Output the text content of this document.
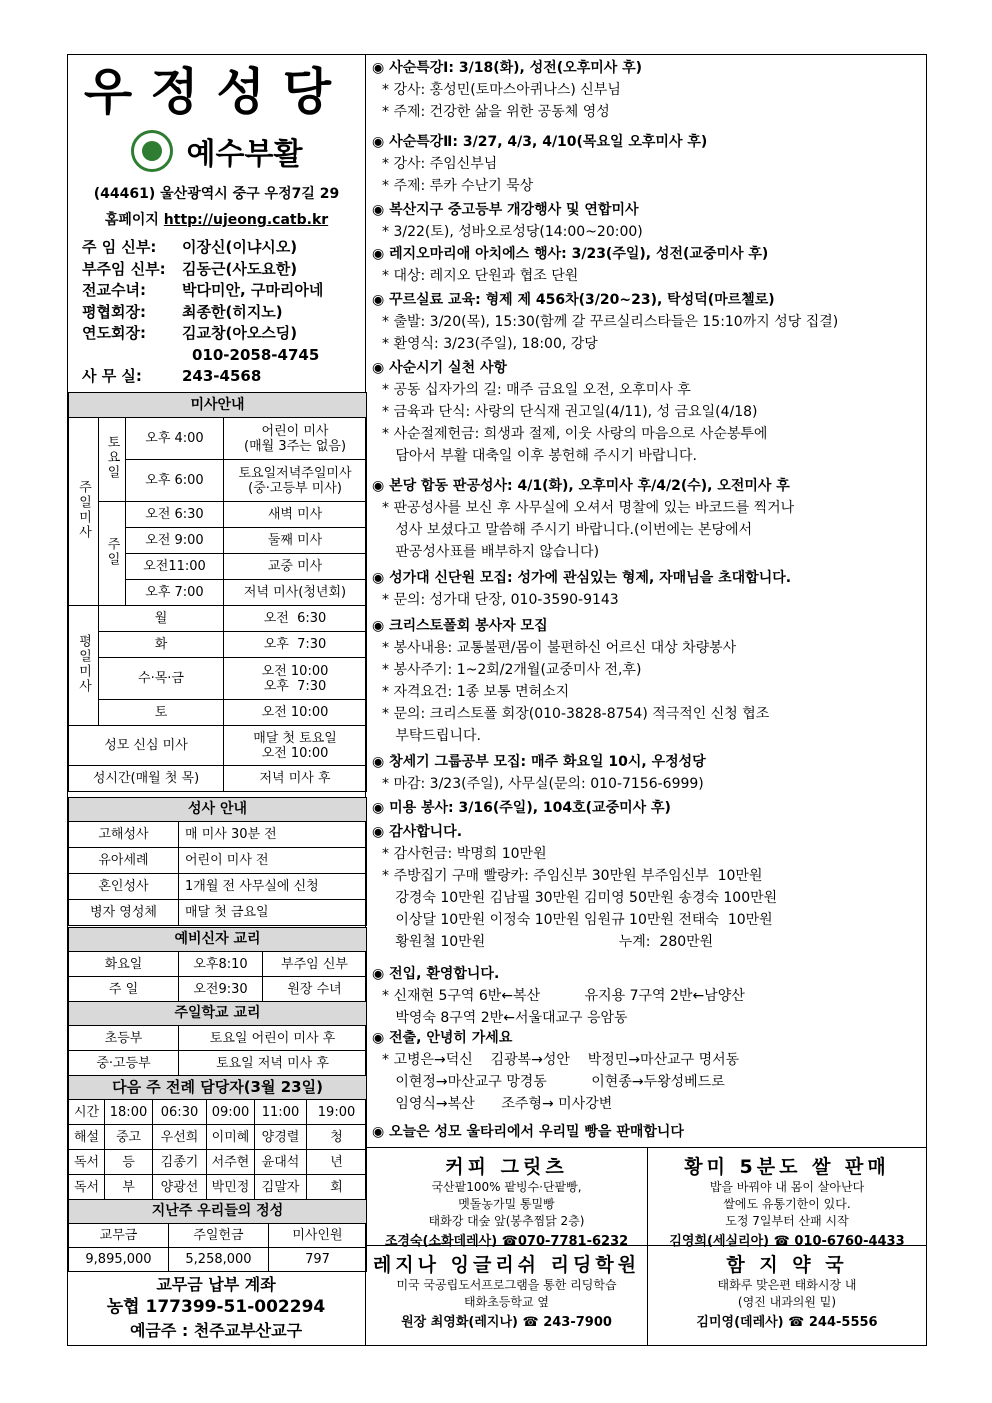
우정성당
예수부활
(44461) 울산광역시 중구 우정7길 29
홈페이지 http://ujeong.catb.kr
주 임 신부:	이장신(이냐시오)
부주임 신부:	김동근(사도요한)
전교수녀:	박다미안, 구마리아네
평협회장:	최종한(히지노)
연도회장:	김교창(아오스딩)
010-2058-4745
사 무 실:	243-4568
미사안내			
주일미사	토요일	오후 4:00	어린이 미사
(매월 3주는 없음)
		오후 6:00	토요일저녁주일미사
(중·고등부 미사)
	주일	오전 6:30	새벽 미사
		오전 9:00	둘째 미사
		오전11:00	교중 미사
		오후 7:00	저녁 미사(청년회)
평일미사	월		오전  6:30
	화		오후  7:30
	수·목·금		오전 10:00
오후  7:30
	토		오전 10:00
성모 신심 미사			매달 첫 토요일
오전 10:00
성시간(매월 첫 목)			저녁 미사 후
성사 안내	
고해성사	매 미사 30분 전
유아세례	어린이 미사 전
혼인성사	1개월 전 사무실에 신청
병자 영성체	매달 첫 금요일
예비신자 교리		
화요일	오후8:10	부주임 신부
주 일	오전9:30	원장 수녀
주일학교 교리	
초등부	토요일 어린이 미사 후
중·고등부	토요일 저녁 미사 후
다음 주 전례 담당자(3월 23일)					
시간	18:00	06:30	09:00	11:00	19:00
해설	중고	우선희	이미혜	양경렬	청
독서	등	김종기	서주현	윤대석	년
독서	부	양광선	박민정	김말자	회
지난주 우리들의 정성		
교무금	주일헌금	미사인원
9,895,000	5,258,000	797
교무금 납부 계좌
농협 177399-51-002294
예금주 : 천주교부산교구
◉ 사순특강Ⅰ: 3/18(화), 성전(오후미사 후)
* 강사: 홍성민(토마스아퀴나스) 신부님
* 주제: 건강한 삶을 위한 공동체 영성
◉ 사순특강Ⅱ: 3/27, 4/3, 4/10(목요일 오후미사 후)
* 강사: 주임신부님
* 주제: 루카 수난기 묵상
◉ 복산지구 중고등부 개강행사 및 연합미사
* 3/22(토), 성바오로성당(14:00~20:00)
◉ 레지오마리애 아치에스 행사: 3/23(주일), 성전(교중미사 후)
* 대상: 레지오 단원과 협조 단원
◉ 꾸르실료 교육: 형제 제 456차(3/20~23), 탁성덕(마르첼로)
* 출발: 3/20(목), 15:30(함께 갈 꾸르실리스타들은 15:10까지 성당 집결)
* 환영식: 3/23(주일), 18:00, 강당
◉ 사순시기 실천 사항
* 공동 십자가의 길: 매주 금요일 오전, 오후미사 후
* 금육과 단식: 사랑의 단식재 권고일(4/11), 성 금요일(4/18)
* 사순절제헌금: 희생과 절제, 이웃 사랑의 마음으로 사순봉투에
담아서 부활 대축일 이후 봉헌해 주시기 바랍니다.
◉ 본당 합동 판공성사: 4/1(화), 오후미사 후/4/2(수), 오전미사 후
* 판공성사를 보신 후 사무실에 오셔서 명찰에 있는 바코드를 찍거나
성사 보셨다고 말씀해 주시기 바랍니다.(이번에는 본당에서
판공성사표를 배부하지 않습니다)
◉ 성가대 신단원 모집: 성가에 관심있는 형제, 자매님을 초대합니다.
* 문의: 성가대 단장, 010-3590-9143
◉ 크리스토폴회 봉사자 모집
* 봉사내용: 교통불편/몸이 불편하신 어르신 대상 차량봉사
* 봉사주기: 1~2회/2개월(교중미사 전,후)
* 자격요건: 1종 보통 면허소지
* 문의: 크리스토폴 회장(010-3828-8754) 적극적인 신청 협조
부탁드립니다.
◉ 창세기 그룹공부 모집: 매주 화요일 10시, 우정성당
* 마감: 3/23(주일), 사무실(문의: 010-7156-6999)
◉ 미용 봉사: 3/16(주일), 104호(교중미사 후)
◉ 감사합니다.
* 감사헌금: 박명희 10만원
* 주방집기 구매 빨랑카: 주임신부 30만원 부주임신부  10만원
강경숙 10만원 김남필 30만원 김미영 50만원 송경숙 100만원
이상달 10만원 이정숙 10만원 임원규 10만원 전태숙  10만원
황원철 10만원                              누계:  280만원
◉ 전입, 환영합니다.
* 신재현 5구역 6반←복산          유지용 7구역 2반←남양산
박영숙 8구역 2반←서울대교구 응암동
◉ 전출, 안녕히 가세요
* 고병은→덕신    김광복→성안    박정민→마산교구 명서동
이현정→마산교구 망경동          이현종→두왕성베드로
임영식→복산      조주형→ 미사강변
◉ 오늘은 성모 울타리에서 우리밀 빵을 판매합니다
커피 그릿츠
국산팥100% 팥빙수·단팥빵,
멧돌농가밀 통밀빵
태화강 대숲 앞(봉추찜닭 2층)
조경숙(소화데레사) ☎070-7781-6232
황미 5분도 쌀 판매
밥을 바꿔야 내 몸이 살아난다
쌀에도 유통기한이 있다.
도정 7일부터 산패 시작
김영희(세실리아) ☎ 010-6760-4433
레지나 잉글리쉬 리딩학원
미국 국공립도서프로그램을 통한 리딩학습
태화초등학교 옆
원장 최영화(레지나) ☎ 243-7900
함 지 약 국
태화루 맞은편 태화시장 내
(영진 내과의원 밑)
김미영(데레사) ☎ 244-5556
